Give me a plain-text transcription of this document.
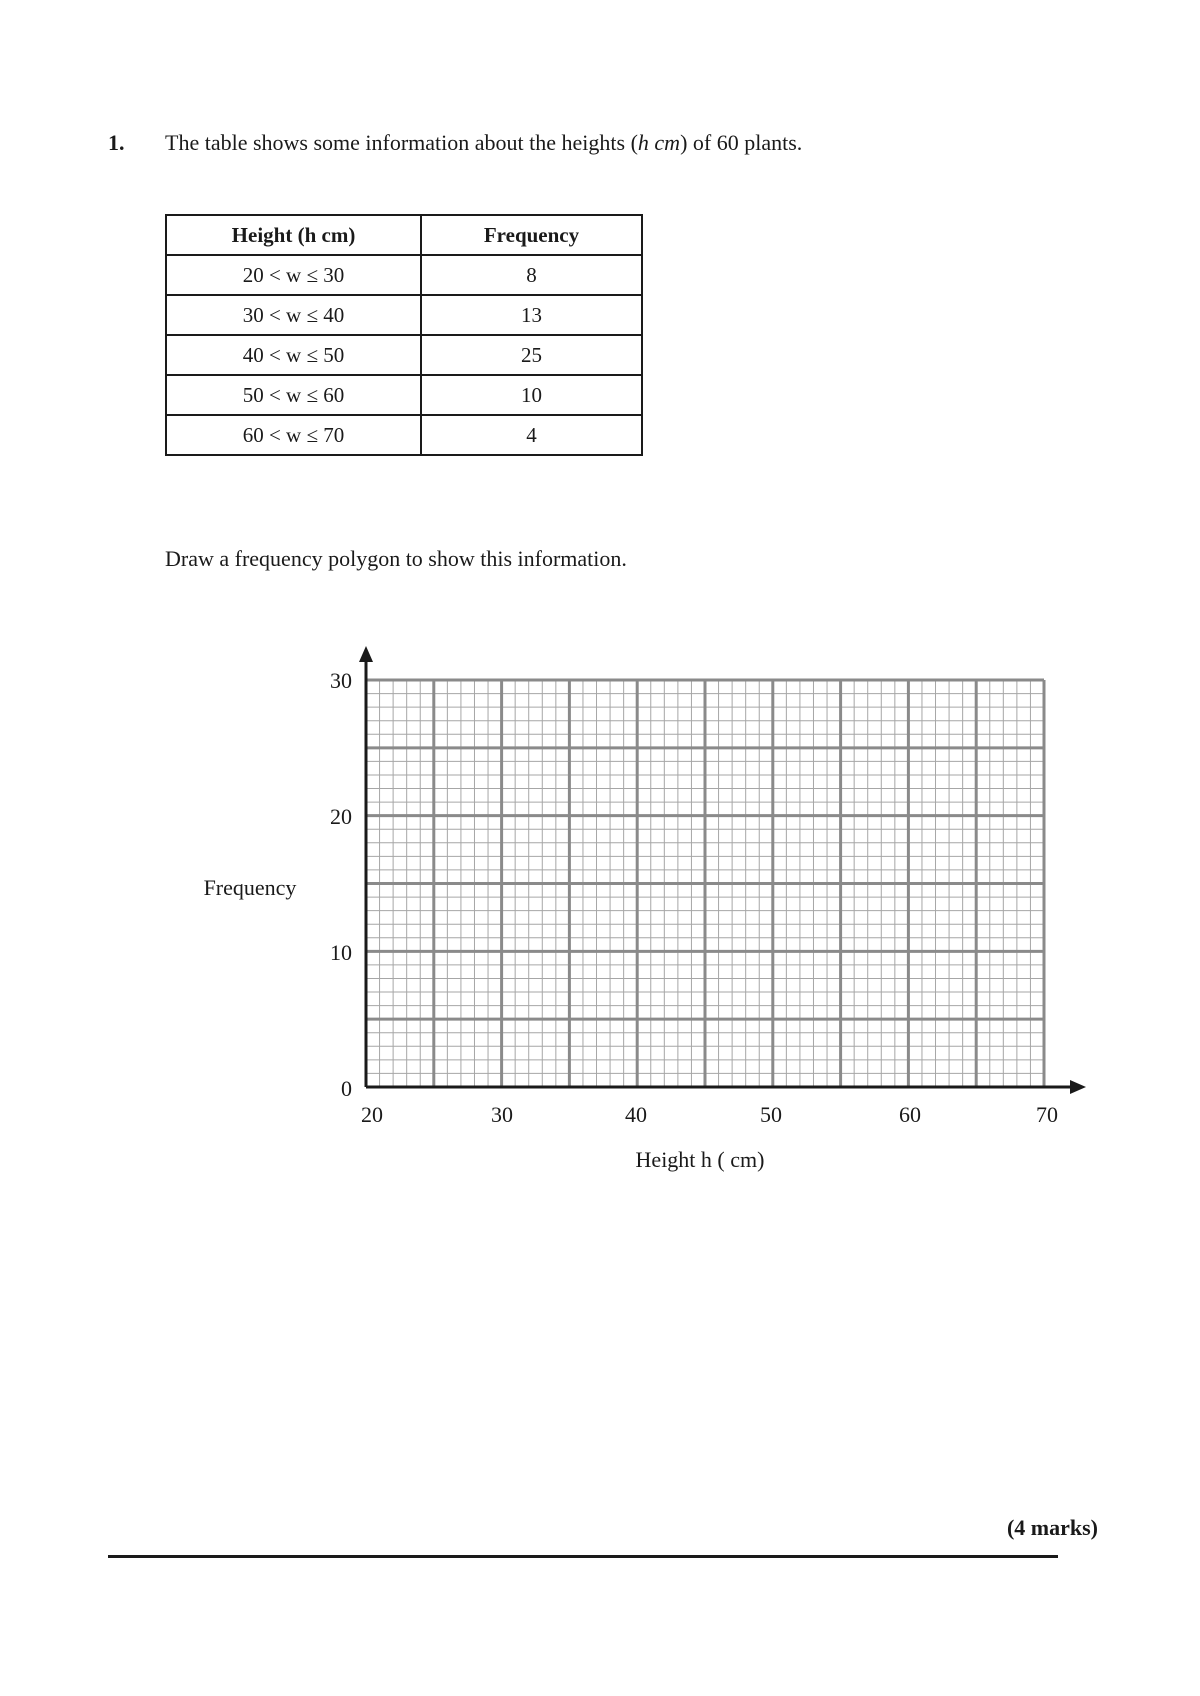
1. The table shows some information about the heights (h cm) of 60 plants.
Height (h cm)	Frequency
20 < w ≤ 30	8
30 < w ≤ 40	13
40 < w ≤ 50	25
50 < w ≤ 60	10
60 < w ≤ 70	4
Draw a frequency polygon to show this information.
20	30	40	50	60	70
0
10
20
30
Height h ( cm)
Frequency
(4 marks)
